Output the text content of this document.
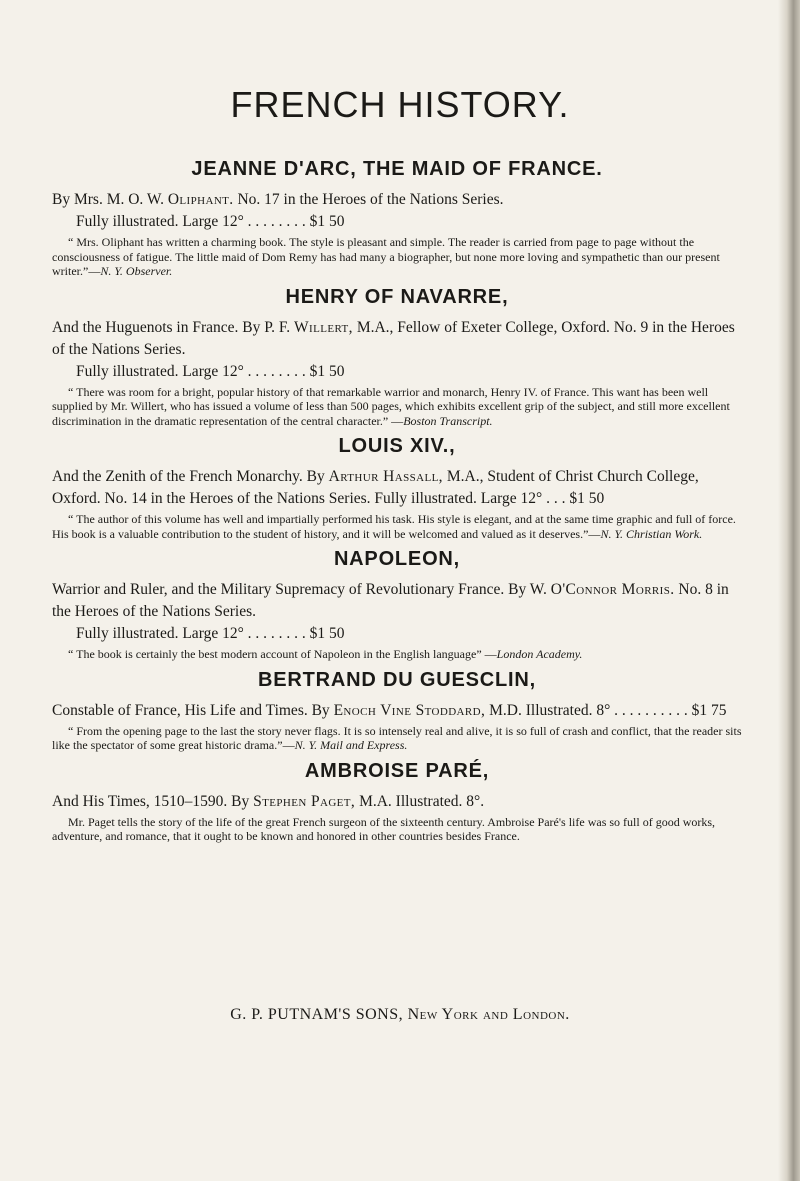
FRENCH HISTORY.
JEANNE D'ARC, THE MAID OF FRANCE.
By Mrs. M. O. W. Oliphant. No. 17 in the Heroes of the Nations Series.
Fully illustrated. Large 12° . . . . . . . . $1 50
“ Mrs. Oliphant has written a charming book. The style is pleasant and simple. The reader is carried from page to page without the consciousness of fatigue. The little maid of Dom Remy has had many a biographer, but none more loving and sympathetic than our present writer.”—N. Y. Observer.
HENRY OF NAVARRE,
And the Huguenots in France. By P. F. Willert, M.A., Fellow of Exeter College, Oxford. No. 9 in the Heroes of the Nations Series.
Fully illustrated. Large 12° . . . . . . . . $1 50
“ There was room for a bright, popular history of that remarkable warrior and monarch, Henry IV. of France. This want has been well supplied by Mr. Willert, who has issued a volume of less than 500 pages, which exhibits excellent grip of the subject, and still more excellent discrimination in the dramatic representation of the central character.” —Boston Transcript.
LOUIS XIV.,
And the Zenith of the French Monarchy. By Arthur Hassall, M.A., Student of Christ Church College, Oxford. No. 14 in the Heroes of the Nations Series. Fully illustrated. Large 12° . . . $1 50
“ The author of this volume has well and impartially performed his task. His style is elegant, and at the same time graphic and full of force. His book is a valuable contribution to the student of history, and it will be welcomed and valued as it deserves.”—N. Y. Christian Work.
NAPOLEON,
Warrior and Ruler, and the Military Supremacy of Revolutionary France. By W. O'Connor Morris. No. 8 in the Heroes of the Nations Series.
Fully illustrated. Large 12° . . . . . . . . $1 50
“ The book is certainly the best modern account of Napoleon in the English language” —London Academy.
BERTRAND DU GUESCLIN,
Constable of France, His Life and Times. By Enoch Vine Stoddard, M.D. Illustrated. 8° . . . . . . . . . . $1 75
“ From the opening page to the last the story never flags. It is so intensely real and alive, it is so full of crash and conflict, that the reader sits like the spectator of some great historic drama.”—N. Y. Mail and Express.
AMBROISE PARÉ,
And His Times, 1510–1590. By Stephen Paget, M.A. Illustrated. 8°.
Mr. Paget tells the story of the life of the great French surgeon of the sixteenth century. Ambroise Paré's life was so full of good works, adventure, and romance, that it ought to be known and honored in other countries besides France.
G. P. PUTNAM'S SONS, New York and London.
